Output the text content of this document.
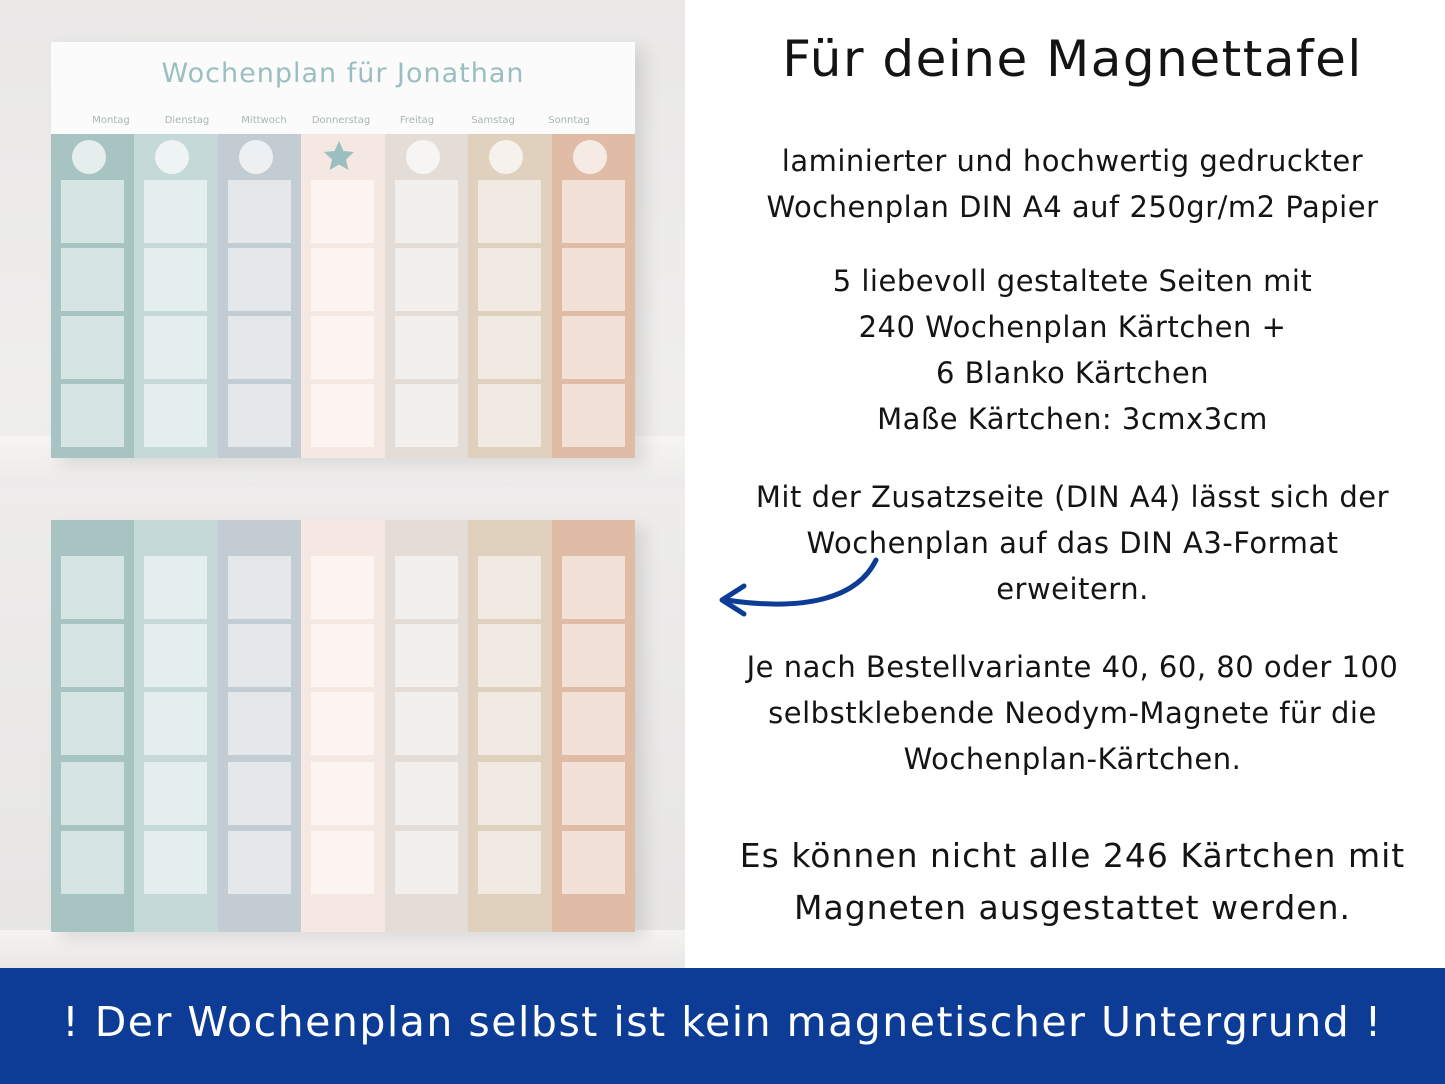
Wochenplan für Jonathan
Montag	Dienstag	Mittwoch	Donnerstag	Freitag	Samstag	Sonntag
Für deine Magnettafel
laminierter und hochwertig gedruckter
Wochenplan DIN A4 auf 250gr/m2 Papier
5 liebevoll gestaltete Seiten mit
240 Wochenplan Kärtchen +
6 Blanko Kärtchen
Maße Kärtchen: 3cmx3cm
Mit der Zusatzseite (DIN A4) lässt sich der
Wochenplan auf das DIN A3-Format
erweitern.
Je nach Bestellvariante 40, 60, 80 oder 100
selbstklebende Neodym-Magnete für die
Wochenplan-Kärtchen.
Es können nicht alle 246 Kärtchen mit
Magneten ausgestattet werden.
! Der Wochenplan selbst ist kein magnetischer Untergrund !
